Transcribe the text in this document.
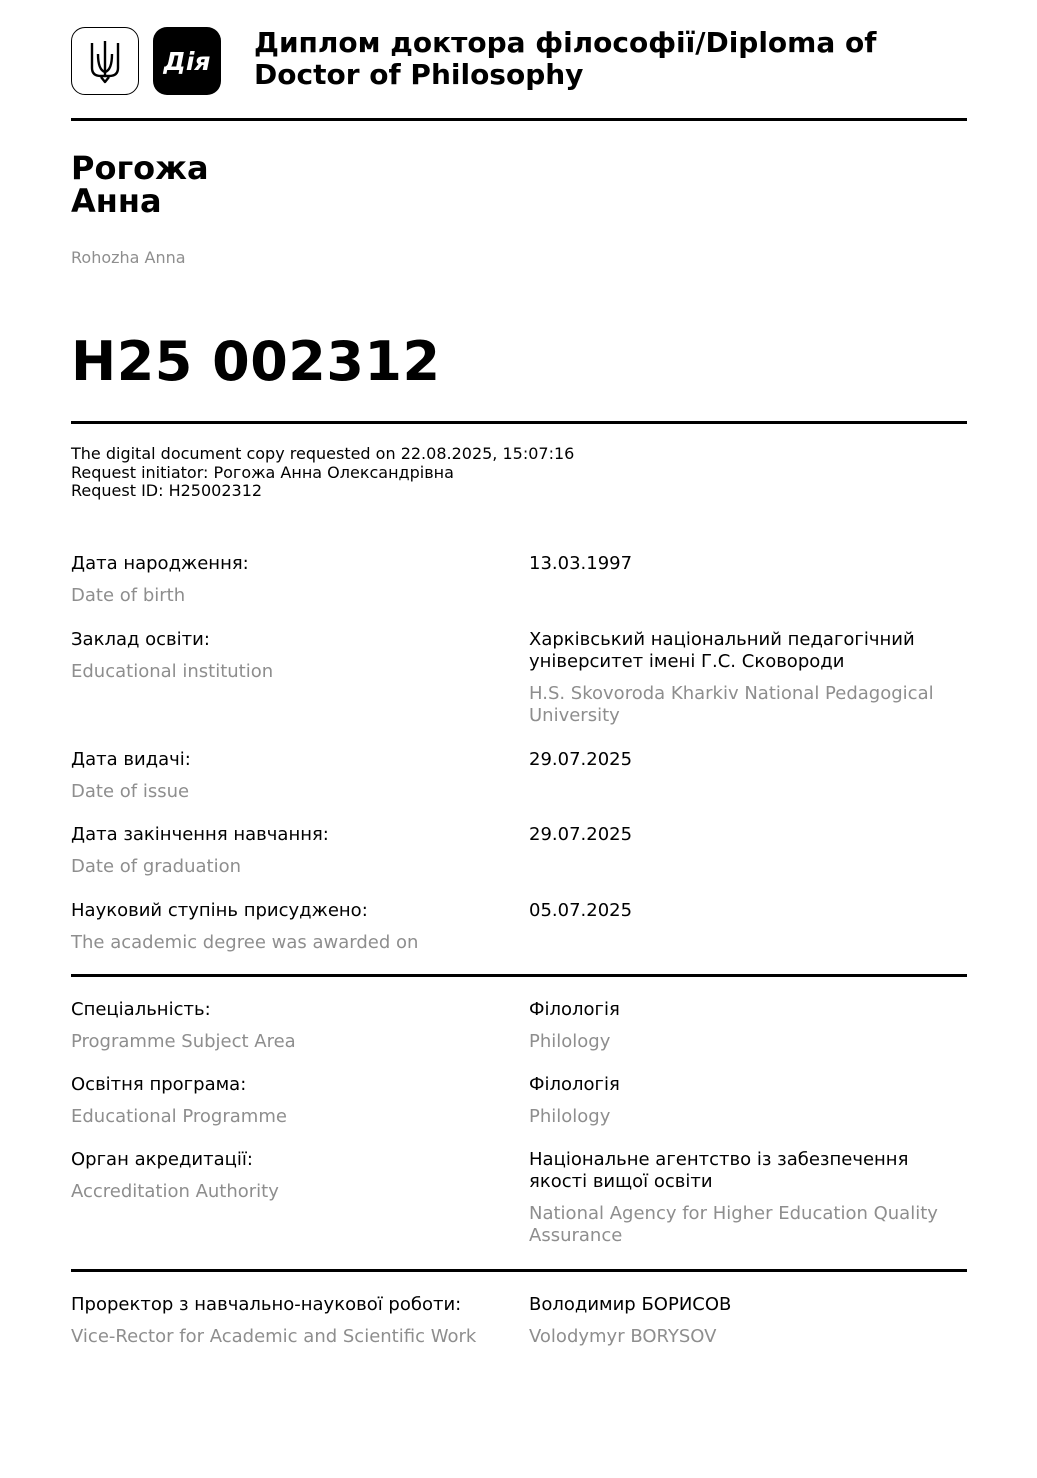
Дія
Диплом доктора філософії/Diploma of Doctor of Philosophy
Рогожа
Анна
Rohozha Anna
H25 002312
The digital document copy requested on 22.08.2025, 15:07:16
Request initiator: Рогожа Анна Олександрівна
Request ID: H25002312
Дата народження:
Date of birth
13.03.1997
Заклад освіти:
Educational institution
Харківський національний педагогічний університет імені Г.С. Сковороди
H.S. Skovoroda Kharkiv National Pedagogical University
Дата видачі:
Date of issue
29.07.2025
Дата закінчення навчання:
Date of graduation
29.07.2025
Науковий ступінь присуджено:
The academic degree was awarded on
05.07.2025
Спеціальність:
Programme Subject Area
Філологія
Philology
Освітня програма:
Educational Programme
Філологія
Philology
Орган акредитації:
Accreditation Authority
Національне агентство із забезпечення якості вищої освіти
National Agency for Higher Education Quality Assurance
Проректор з навчально-наукової роботи:
Vice-Rector for Academic and Scientific Work
Володимир БОРИСОВ
Volodymyr BORYSOV
